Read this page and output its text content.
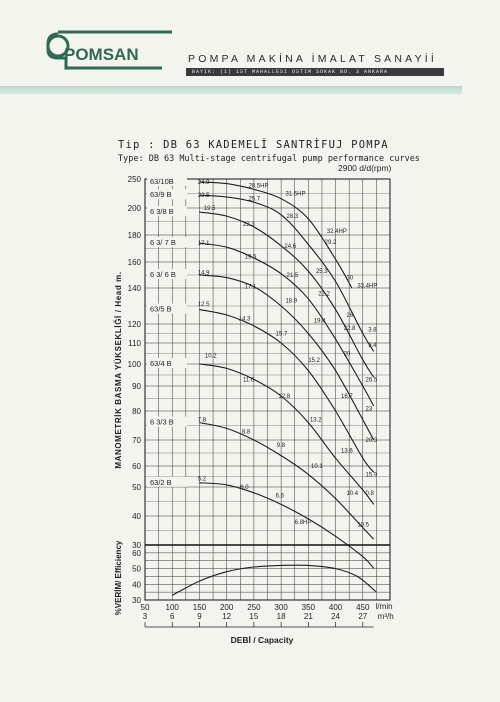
POMSAN	POMPA MAKİNA İMALAT SANAYİİ
BAYIK: (1) 1ST MAHALLESI OSTIM SOKAK NO. 3 ANKARA
Tip : DB 63 KADEMELİ SANTRİFUJ POMPA
Type: DB 63 Multi-stage centrifugal pump performance curves
30
40
50
60
70
80
90
100
110
120
140
160
180
200
250
30
40
50
60
50
3
100
6
150
9
200
12
250
15
300
18
350
21
400
24
450
27
l/min
m³/h
DEBİ / Capacity
2900 d/d(rpm)
MANOMETRİK BASMA YÜKSEKLİĞİ / Head m.
%VERİM/ Efficiency
63/10B	24.9
28.5HP
31.5HP
32.4HP
33.4HP
63/9 B	22.5
25.7
28.3
29.2
30
3.8
6 3/8 B	19.5
22.3
24.6
25.3
26
3.4
6 3/ 7 B	17.1
19.5
21.5
22.2
22.8
26.5
6 3/ 6 B	14.9
17.1
18.9
19.4
20
23
63/5 B	12.5
14.3
15.7
15.2
16.7
20.3
63/4 B
10.2
11.6
12.8
13.2
13.6
15.9
6 3/3 B	7.8
8.8
9.8
10.1
10.4 0.8
63/2 B	5.2
6.0
6.6
6.8HP	10.5
